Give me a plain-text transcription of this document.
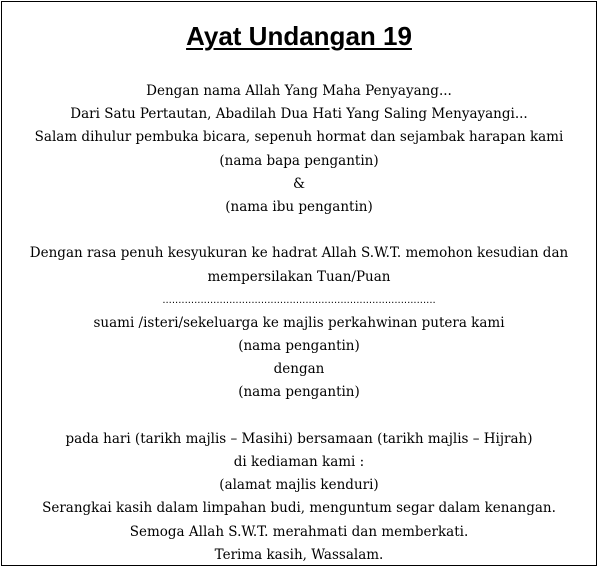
Ayat Undangan 19
Dengan nama Allah Yang Maha Penyayang...
Dari Satu Pertautan, Abadilah Dua Hati Yang Saling Menyayangi...
Salam dihulur pembuka bicara, sepenuh hormat dan sejambak harapan kami
(nama bapa pengantin)
&
(nama ibu pengantin)
Dengan rasa penuh kesyukuran ke hadrat Allah S.W.T. memohon kesudian dan
mempersilakan Tuan/Puan
......................................................................................
suami /isteri/sekeluarga ke majlis perkahwinan putera kami
(nama pengantin)
dengan
(nama pengantin)
pada hari (tarikh majlis – Masihi) bersamaan (tarikh majlis – Hijrah)
di kediaman kami :
(alamat majlis kenduri)
Serangkai kasih dalam limpahan budi, menguntum segar dalam kenangan.
Semoga Allah S.W.T. merahmati dan memberkati.
Terima kasih, Wassalam.
